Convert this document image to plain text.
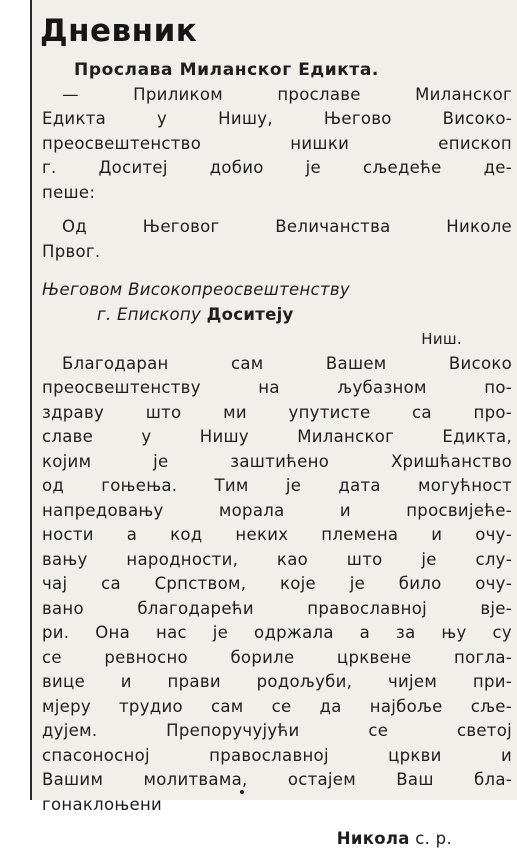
Дневник
Прослава Миланског Едикта.
— Приликом прославе Миланског
Едикта у Нишу, Његово Високо-
преосвештенство нишки епископ
г. Доситеј добио је сљедеће де-
пеше:
Од Његовог Величанства Николе
Првог.
Његовом Високопреосвештенству
г. Епископу Доситеју
Ниш.
Благодаран сам Вашем Високо
преосвештенству на љубазном по-
здраву што ми упутисте са про-
славе у Нишу Миланског Едикта,
којим је заштићено Хришћанство
од гоњења. Тим је дата могућност
напредовању морала и просвијеће-
ности а код неких племена и очу-
вању народности, као што је слу-
чај са Српством, које је било очу-
вано благодарећи православној вје-
ри. Она нас је одржала а за њу су
се ревносно бориле црквене погла-
вице и прави родољуби, чијем при-
мјеру трудио сам се да најбоље сље-
дујем. Препоручујући се светој
спасоносној православној цркви и
Вашим молитвама, остајем Ваш бла-
гонаклоњени
Никола с. р.
